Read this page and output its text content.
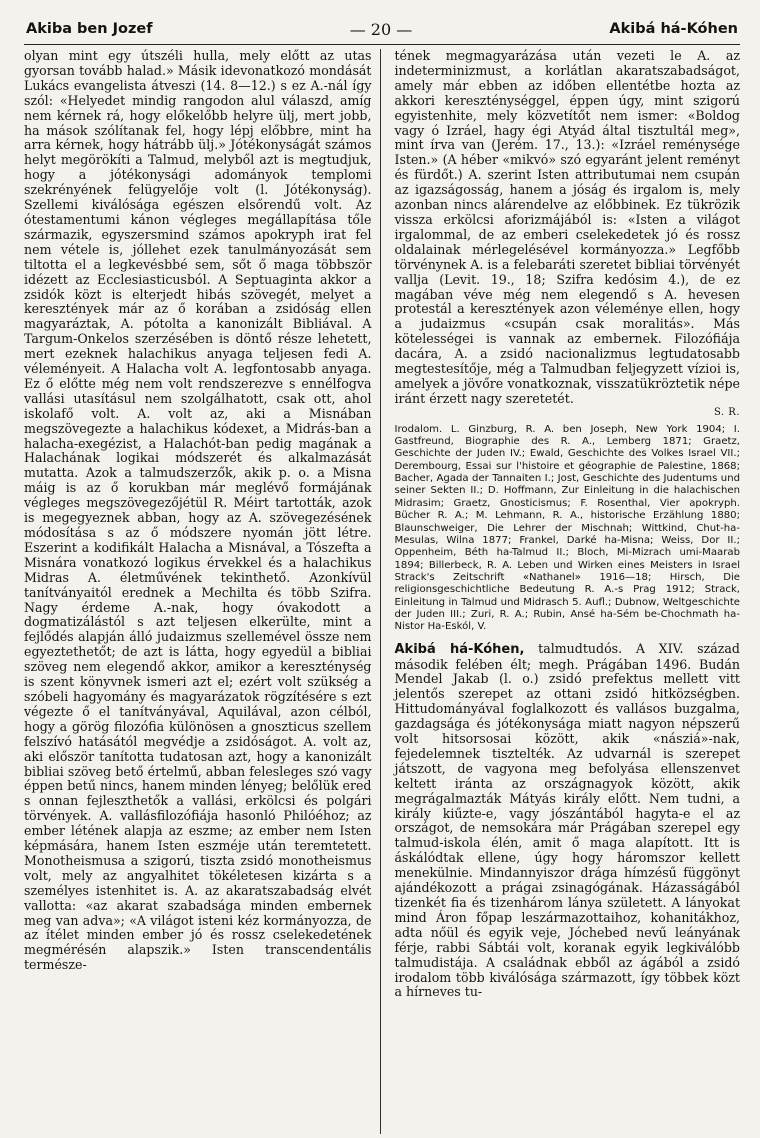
Akiba ben Jozef	— 20 —	Akibá há-Kóhen

olyan mint egy útszéli hulla, mely előtt az utas gyorsan tovább halad.» Másik idevonatkozó mondását Lukács evangelista átveszi (14. 8—12.) s ez A.-nál így szól: «Helyedet mindig rangodon alul válaszd, amíg nem kérnek rá, hogy előkelőbb helyre ülj, mert jobb, ha mások szólítanak fel, hogy lépj előbbre, mint ha arra kérnek, hogy hátrább ülj.» Jótékonyságát számos helyt megörökíti a Talmud, melyből azt is megtudjuk, hogy a jótékonysági adományok templomi szekrényének felügyelője volt (l. Jótékonyság). Szellemi kiválósága egészen elsőrendű volt. Az ótestamentumi kánon végleges megállapítása tőle származik, egyszersmind számos apokryph irat fel nem vétele is, jóllehet ezek tanulmányozását sem tiltotta el a legkevésbbé sem, sőt ő maga többször idézett az Ecclesiasticusból. A Septuaginta akkor a zsidók közt is elterjedt hibás szövegét, melyet a keresztények már az ő korában a zsidóság ellen magyaráztak, A. pótolta a kanonizált Bibliával. A Targum-Onkelos szerzésében is döntő része lehetett, mert ezeknek halachikus anyaga teljesen fedi A. véleményeit. A Halacha volt A. legfontosabb anyaga. Ez ő előtte még nem volt rendszerezve s ennélfogva vallási utasításul nem szolgálhatott, csak ott, ahol iskolafő volt. A. volt az, aki a Misnában megszövegezte a halachikus kódexet, a Midrás-ban a halacha-exegézist, a Halachót-ban pedig magának a Halachának logikai módszerét és alkalmazását mutatta. Azok a talmudszerzők, akik p. o. a Misna máig is az ő korukban már meglévő formájának végleges megszövegezőjétül R. Méirt tartották, azok is megegyeznek abban, hogy az A. szövegezésének módosítása s az ő módszere nyomán jött létre. Eszerint a kodifikált Halacha a Misnával, a Tószefta a Misnára vonatkozó logikus érvekkel és a halachikus Midras A. életművének tekinthető. Azonkívül tanítványaitól erednek a Mechilta és több Szifra. Nagy érdeme A.-nak, hogy óvakodott a dogmatizálástól s azt teljesen elkerülte, mint a fejlődés alapján álló judaizmus szellemével össze nem egyeztethetőt; de azt is látta, hogy egyedül a bibliai szöveg nem elegendő akkor, amikor a kereszténység is szent könyvnek ismeri azt el; ezért volt szükség a szóbeli hagyomány és magyarázatok rögzítésére s ezt végezte ő el tanítványával, Aquilával, azon célból, hogy a görög filozófia különösen a gnoszticus szellem felszívó hatásától megvédje a zsidóságot. A. volt az, aki először tanította tudatosan azt, hogy a kanonizált bibliai szöveg bető értelmű, abban felesleges szó vagy éppen betű nincs, hanem minden lényeg; belőlük ered s onnan fejleszthetők a vallási, erkölcsi és polgári törvények. A. vallásfilozófiája hasonló Philóéhoz; az ember létének alapja az eszme; az ember nem Isten képmására, hanem Isten eszméje után teremtetett. Monotheismusa a szigorú, tiszta zsidó monotheismus volt, mely az angyalhitet tökéletesen kizárta s a személyes istenhitet is. A. az akaratszabadság elvét vallotta: «az akarat szabadsága minden embernek meg van adva»; «A világot isteni kéz kormányozza, de az ítélet minden ember jó és rossz cselekedetének megmérésén alapszik.» Isten transcendentális természe-

tének megmagyarázása után vezeti le A. az indeterminizmust, a korlátlan akaratszabadságot, amely már ebben az időben ellentétbe hozta az akkori kereszténységgel, éppen úgy, mint szigorú egyistenhite, mely közvetítőt nem ismer: «Boldog vagy ó Izráel, hagy égi Atyád által tisztultál meg», mint írva van (Jerém. 17., 13.): «Izráel reménysége Isten.» (A héber «mikvó» szó egyaránt jelent reményt és fürdőt.) A. szerint Isten attributumai nem csupán az igazságosság, hanem a jóság és irgalom is, mely azonban nincs alárendelve az előbbinek. Ez tükrözik vissza erkölcsi aforizmájából is: «Isten a világot irgalommal, de az emberi cselekedetek jó és rossz oldalainak mérlegelésével kormányozza.» Legfőbb törvénynek A. is a felebaráti szeretet bibliai törvényét vallja (Levit. 19., 18; Szifra kedósim 4.), de ez magában véve még nem elegendő s A. hevesen protestál a keresztények azon véleménye ellen, hogy a judaizmus «csupán csak moralitás». Más kötelességei is vannak az embernek. Filozófiája dacára, A. a zsidó nacionalizmus legtudatosabb megtestesítője, még a Talmudban feljegyzett vízioi is, amelyek a jövőre vonatkoznak, visszatükröztetik népe iránt érzett nagy szeretetét.

S. R.

Irodalom. L. Ginzburg, R. A. ben Joseph, New York 1904; I. Gastfreund, Biographie des R. A., Lemberg 1871; Graetz, Geschichte der Juden IV.; Ewald, Geschichte des Volkes Israel VII.; Derembourg, Essai sur l'histoire et géographie de Palestine, 1868; Bacher, Agada der Tannaiten I.; Jost, Geschichte des Judentums und seiner Sekten II.; D. Hoffmann, Zur Einleitung in die halachischen Midrasim; Graetz, Gnosticismus; F. Rosenthal, Vier apokryph. Bücher R. A.; M. Lehmann, R. A., historische Erzählung 1880; Blaunschweiger, Die Lehrer der Mischnah; Wittkind, Chut-ha-Mesulas, Wilna 1877; Frankel, Darké ha-Misna; Weiss, Dor II.; Oppenheim, Béth ha-Talmud II.; Bloch, Mi-Mizrach umi-Maarab 1894; Billerbeck, R. A. Leben und Wirken eines Meisters in Israel Strack's Zeitschrift «Nathanel» 1916—18; Hirsch, Die religionsgeschichtliche Bedeutung R. A.-s Prag 1912; Strack, Einleitung in Talmud und Midrasch 5. Aufl.; Dubnow, Weltgeschichte der Juden III.; Zuri, R. A.; Rubin, Ansé ha-Sém be-Chochmath ha-Nistor Ha-Eskól, V.

Akibá há-Kóhen, talmudtudós. A XIV. század második felében élt; megh. Prágában 1496. Budán Mendel Jakab (l. o.) zsidó prefektus mellett vitt jelentős szerepet az ottani zsidó hitközségben. Hittudományával foglalkozott és vallásos buzgalma, gazdagsága és jótékonysága miatt nagyon népszerű volt hitsorsosai között, akik «násziá»-nak, fejedelemnek tisztelték. Az udvarnál is szerepet játszott, de vagyona meg befolyása ellenszenvet keltett iránta az országnagyok között, akik megrágalmazták Mátyás király előtt. Nem tudni, a király kiűzte-e, vagy jószántából hagyta-e el az országot, de nemsokára már Prágában szerepel egy talmud-iskola élén, amit ő maga alapított. Itt is áskálódtak ellene, úgy hogy háromszor kellett menekülnie. Mindannyiszor drága hímzésű függönyt ajándékozott a prágai zsinagógának. Házasságából tizenkét fia és tizenhárom lánya született. A lányokat mind Áron főpap leszármazottaihoz, kohanitákhoz, adta nőül és egyik veje, Jóchebed nevű leányának férje, rabbi Sábtái volt, koranak egyik legkiválóbb talmudistája. A családnak ebből az ágából a zsidó irodalom több kiválósága származott, így többek közt a hírneves tu-
